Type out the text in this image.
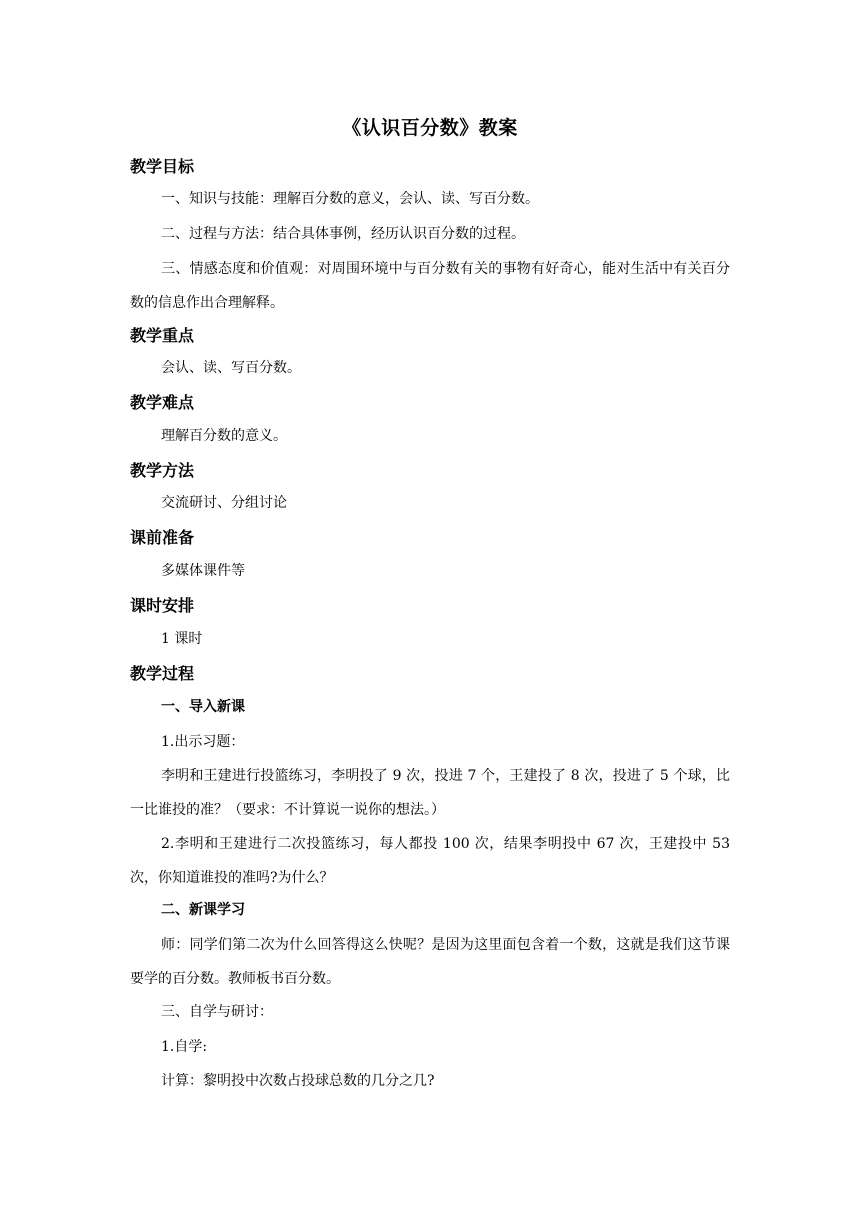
《认识百分数》教案
教学目标
一、知识与技能：理解百分数的意义，会认、读、写百分数。
二、过程与方法：结合具体事例，经历认识百分数的过程。
三、情感态度和价值观：对周围环境中与百分数有关的事物有好奇心，能对生活中有关百分数的信息作出合理解释。
教学重点
会认、读、写百分数。
教学难点
理解百分数的意义。
教学方法
交流研讨、分组讨论
课前准备
多媒体课件等
课时安排
1 课时
教学过程
一、导入新课
1.出示习题：
李明和王建进行投篮练习，李明投了 9 次，投进 7 个，王建投了 8 次，投进了 5 个球，比一比谁投的准？（要求：不计算说一说你的想法。）
2.李明和王建进行二次投篮练习，每人都投 100 次，结果李明投中 67 次，王建投中 53 次，你知道谁投的准吗?为什么？
二、新课学习
师：同学们第二次为什么回答得这么快呢？是因为这里面包含着一个数，这就是我们这节课要学的百分数。教师板书百分数。
三、自学与研讨：
1.自学:
计算：黎明投中次数占投球总数的几分之几?
